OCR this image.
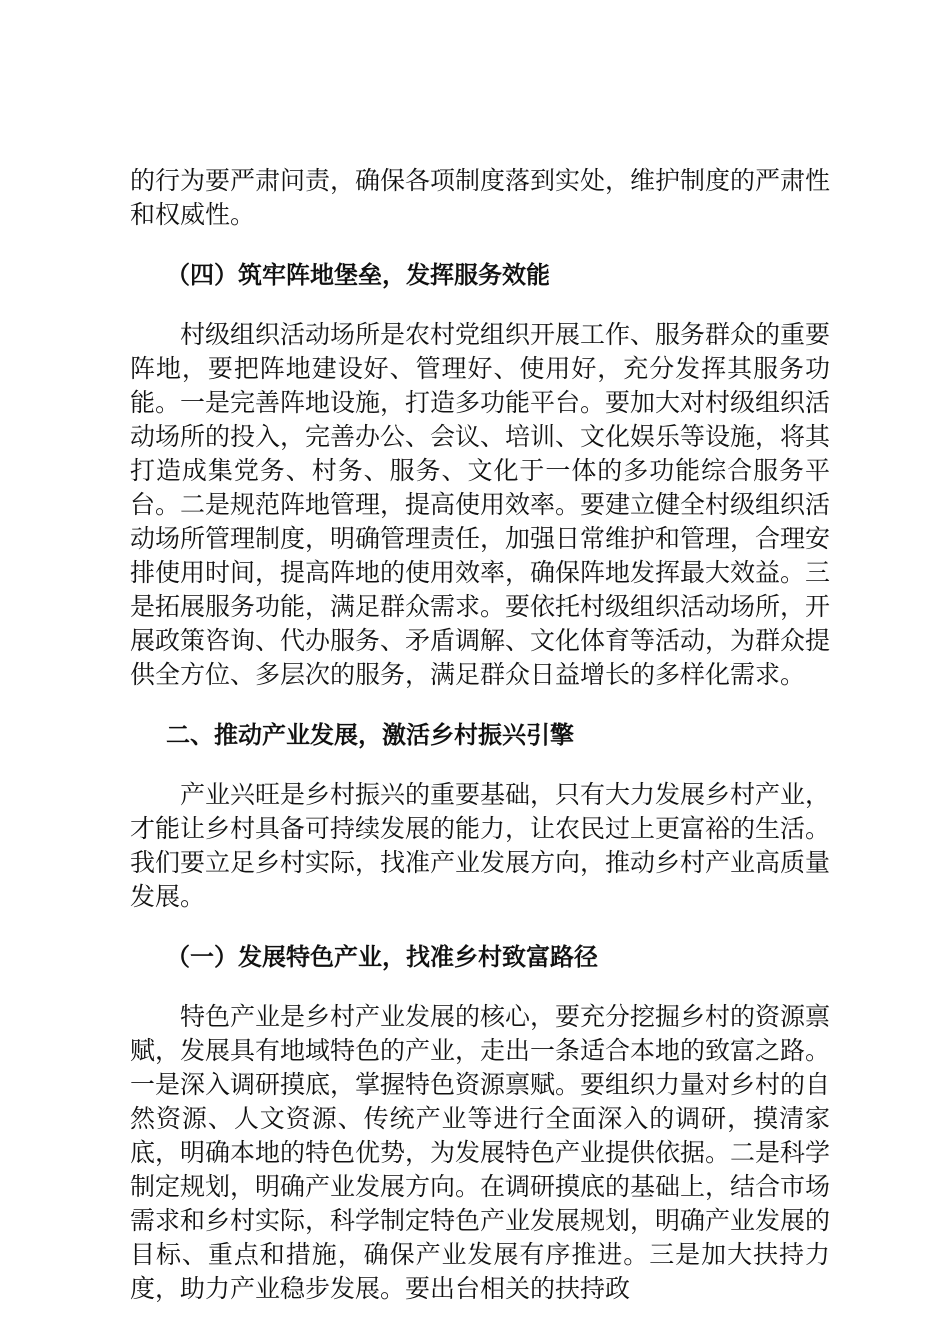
的行为要严肃问责，确保各项制度落到实处，维护制度的严肃性和权威性。

（四）筑牢阵地堡垒，发挥服务效能

村级组织活动场所是农村党组织开展工作、服务群众的重要阵地，要把阵地建设好、管理好、使用好，充分发挥其服务功能。一是完善阵地设施，打造多功能平台。要加大对村级组织活动场所的投入，完善办公、会议、培训、文化娱乐等设施，将其打造成集党务、村务、服务、文化于一体的多功能综合服务平台。二是规范阵地管理，提高使用效率。要建立健全村级组织活动场所管理制度，明确管理责任，加强日常维护和管理，合理安排使用时间，提高阵地的使用效率，确保阵地发挥最大效益。三是拓展服务功能，满足群众需求。要依托村级组织活动场所，开展政策咨询、代办服务、矛盾调解、文化体育等活动，为群众提供全方位、多层次的服务，满足群众日益增长的多样化需求。

二、推动产业发展，激活乡村振兴引擎

产业兴旺是乡村振兴的重要基础，只有大力发展乡村产业，才能让乡村具备可持续发展的能力，让农民过上更富裕的生活。我们要立足乡村实际，找准产业发展方向，推动乡村产业高质量发展。

（一）发展特色产业，找准乡村致富路径

特色产业是乡村产业发展的核心，要充分挖掘乡村的资源禀赋，发展具有地域特色的产业，走出一条适合本地的致富之路。一是深入调研摸底，掌握特色资源禀赋。要组织力量对乡村的自然资源、人文资源、传统产业等进行全面深入的调研，摸清家底，明确本地的特色优势，为发展特色产业提供依据。二是科学制定规划，明确产业发展方向。在调研摸底的基础上，结合市场需求和乡村实际，科学制定特色产业发展规划，明确产业发展的目标、重点和措施，确保产业发展有序推进。三是加大扶持力度，助力产业稳步发展。要出台相关的扶持政
